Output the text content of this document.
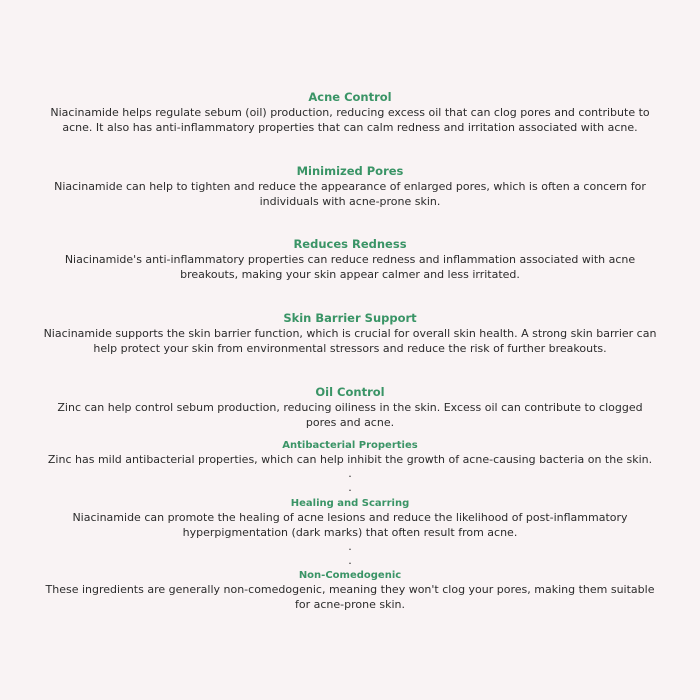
Acne Control
Niacinamide helps regulate sebum (oil) production, reducing excess oil that can clog pores and contribute to acne. It also has anti-inflammatory properties that can calm redness and irritation associated with acne.
Minimized Pores
Niacinamide can help to tighten and reduce the appearance of enlarged pores, which is often a concern for individuals with acne-prone skin.
Reduces Redness
Niacinamide's anti-inflammatory properties can reduce redness and inflammation associated with acne breakouts, making your skin appear calmer and less irritated.
Skin Barrier Support
Niacinamide supports the skin barrier function, which is crucial for overall skin health. A strong skin barrier can help protect your skin from environmental stressors and reduce the risk of further breakouts.
Oil Control
Zinc can help control sebum production, reducing oiliness in the skin. Excess oil can contribute to clogged pores and acne.
Antibacterial Properties
Zinc has mild antibacterial properties, which can help inhibit the growth of acne-causing bacteria on the skin.
.
.
Healing and Scarring
Niacinamide can promote the healing of acne lesions and reduce the likelihood of post-inflammatory hyperpigmentation (dark marks) that often result from acne.
.
.
Non-Comedogenic
These ingredients are generally non-comedogenic, meaning they won't clog your pores, making them suitable for acne-prone skin.
